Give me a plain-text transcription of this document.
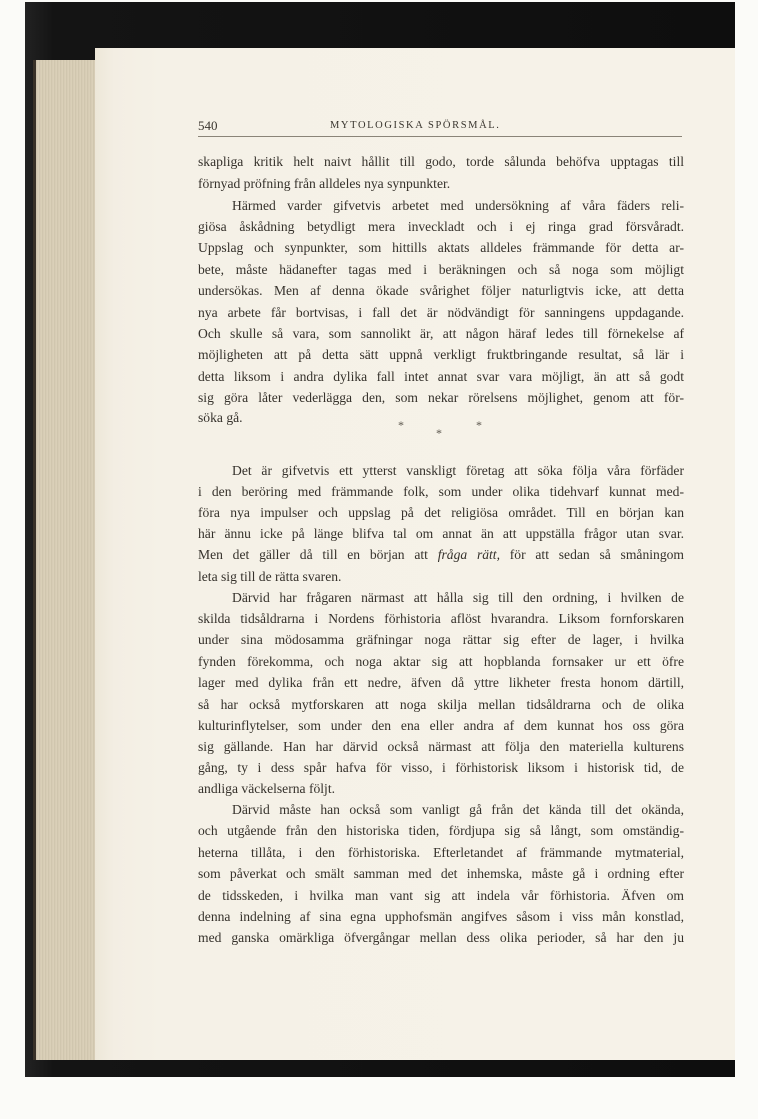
540	MYTOLOGISKA SPÖRSMÅL.
skapliga kritik helt naivt hållit till godo, torde sålunda behöfva upptagas till
förnyad pröfning från alldeles nya synpunkter.
Härmed varder gifvetvis arbetet med undersökning af våra fäders reli-
giösa åskådning betydligt mera inveckladt och i ej ringa grad försvåradt.
Uppslag och synpunkter, som hittills aktats alldeles främmande för detta ar-
bete, måste hädanefter tagas med i beräkningen och så noga som möjligt
undersökas. Men af denna ökade svårighet följer naturligtvis icke, att detta
nya arbete får bortvisas, i fall det är nödvändigt för sanningens uppdagande.
Och skulle så vara, som sannolikt är, att någon häraf ledes till förnekelse af
möjligheten att på detta sätt uppnå verkligt fruktbringande resultat, så lär i
detta liksom i andra dylika fall intet annat svar vara möjligt, än att så godt
sig göra låter vederlägga den, som nekar rörelsens möjlighet, genom att för-
söka gå.
Det är gifvetvis ett ytterst vanskligt företag att söka följa våra förfäder
i den beröring med främmande folk, som under olika tidehvarf kunnat med-
föra nya impulser och uppslag på det religiösa området. Till en början kan
här ännu icke på länge blifva tal om annat än att uppställa frågor utan svar.
Men det gäller då till en början att fråga rätt, för att sedan så småningom
leta sig till de rätta svaren.
Därvid har frågaren närmast att hålla sig till den ordning, i hvilken de
skilda tidsåldrarna i Nordens förhistoria aflöst hvarandra. Liksom fornforskaren
under sina mödosamma gräfningar noga rättar sig efter de lager, i hvilka
fynden förekomma, och noga aktar sig att hopblanda fornsaker ur ett öfre
lager med dylika från ett nedre, äfven då yttre likheter fresta honom därtill,
så har också mytforskaren att noga skilja mellan tidsåldrarna och de olika
kulturinflytelser, som under den ena eller andra af dem kunnat hos oss göra
sig gällande. Han har därvid också närmast att följa den materiella kulturens
gång, ty i dess spår hafva för visso, i förhistorisk liksom i historisk tid, de
andliga väckelserna följt.
Därvid måste han också som vanligt gå från det kända till det okända,
och utgående från den historiska tiden, fördjupa sig så långt, som omständig-
heterna tillåta, i den förhistoriska. Efterletandet af främmande mytmaterial,
som påverkat och smält samman med det inhemska, måste gå i ordning efter
de tidsskeden, i hvilka man vant sig att indela vår förhistoria. Äfven om
denna indelning af sina egna upphofsmän angifves såsom i viss mån konstlad,
med ganska omärkliga öfvergångar mellan dess olika perioder, så har den ju
*
*
*
